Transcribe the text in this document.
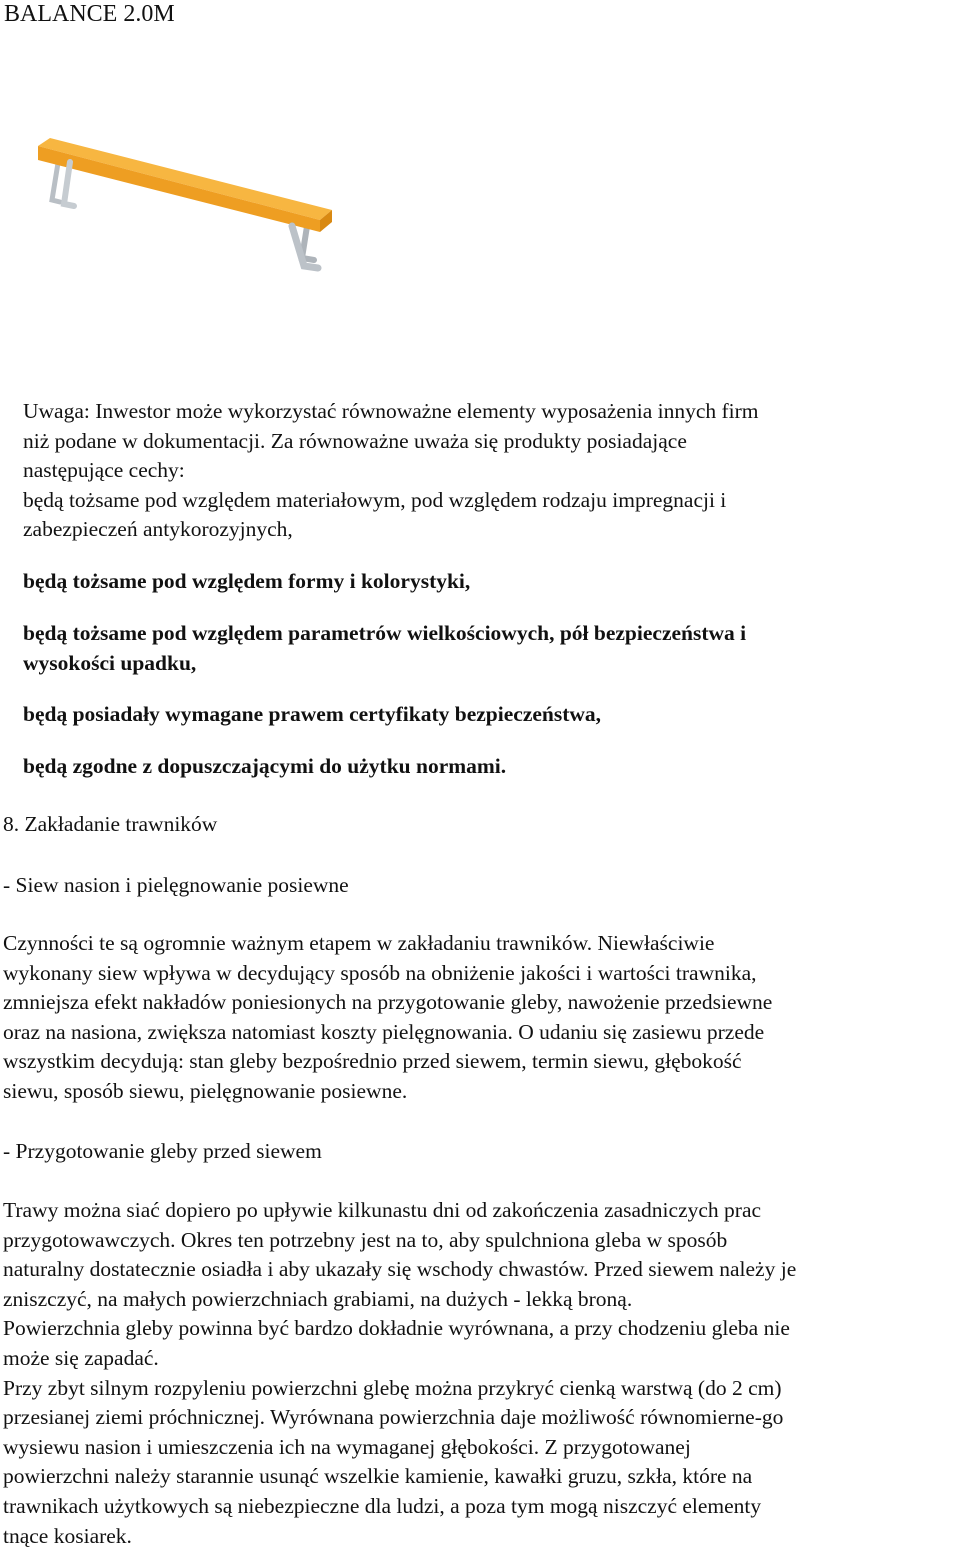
BALANCE 2.0M
Uwaga: Inwestor może wykorzystać równoważne elementy wyposażenia innych firm
niż podane w dokumentacji. Za równoważne uważa się produkty posiadające
następujące cechy:
będą tożsame pod względem materiałowym, pod względem rodzaju impregnacji i
zabezpieczeń antykorozyjnych,
będą tożsame pod względem formy i kolorystyki,
będą tożsame pod względem parametrów wielkościowych, pół bezpieczeństwa i
wysokości upadku,
będą posiadały wymagane prawem certyfikaty bezpieczeństwa,
będą zgodne z dopuszczającymi do użytku normami.
8. Zakładanie trawników
- Siew nasion i pielęgnowanie posiewne
Czynności te są ogromnie ważnym etapem w zakładaniu trawników. Niewłaściwie
wykonany siew wpływa w decydujący sposób na obniżenie jakości i wartości trawnika,
zmniejsza efekt nakładów poniesionych na przygotowanie gleby, nawożenie przedsiewne
oraz na nasiona, zwiększa natomiast koszty pielęgnowania. O udaniu się zasiewu przede
wszystkim decydują: stan gleby bezpośrednio przed siewem, termin siewu, głębokość
siewu, sposób siewu, pielęgnowanie posiewne.
- Przygotowanie gleby przed siewem
Trawy można siać dopiero po upływie kilkunastu dni od zakończenia zasadniczych prac
przygotowawczych. Okres ten potrzebny jest na to, aby spulchniona gleba w sposób
naturalny dostatecznie osiadła i aby ukazały się wschody chwastów. Przed siewem należy je
zniszczyć, na małych powierzchniach grabiami, na dużych - lekką broną.
Powierzchnia gleby powinna być bardzo dokładnie wyrównana, a przy chodzeniu gleba nie
może się zapadać.
Przy zbyt silnym rozpyleniu powierzchni glebę można przykryć cienką warstwą (do 2 cm)
przesianej ziemi próchnicznej. Wyrównana powierzchnia daje możliwość równomierne-go
wysiewu nasion i umieszczenia ich na wymaganej głębokości. Z przygotowanej
powierzchni należy starannie usunąć wszelkie kamienie, kawałki gruzu, szkła, które na
trawnikach użytkowych są niebezpieczne dla ludzi, a poza tym mogą niszczyć elementy
tnące kosiarek.
